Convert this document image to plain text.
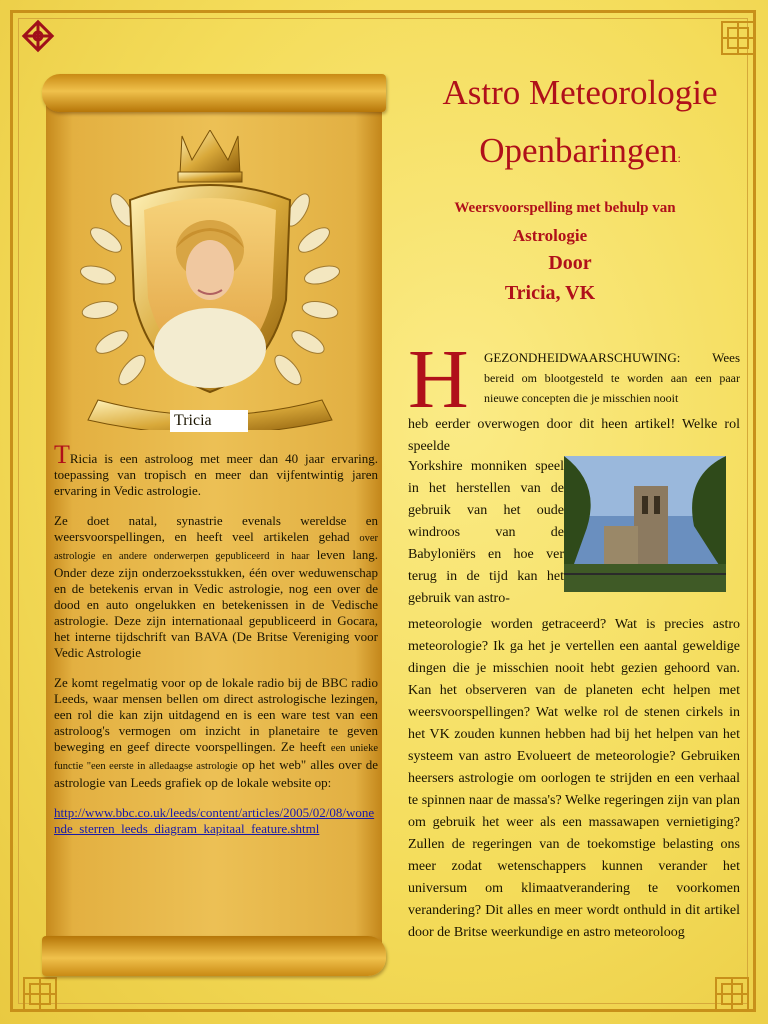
Tricia

TRicia is een astroloog met meer dan 40 jaar ervaring. toepassing van tropisch en meer dan vijfentwintig jaren ervaring in Vedic astrologie.

Ze doet natal, synastrie evenals wereldse en weersvoorspellingen, en heeft veel artikelen gehad over astrologie en andere onderwerpen gepubliceerd in haar leven lang. Onder deze zijn onderzoeksstukken, één over weduwenschap en de betekenis ervan in Vedic astrologie, nog een over de dood en auto ongelukken en betekenissen in de Vedische astrologie. Deze zijn internationaal gepubliceerd in Gocara, het interne tijdschrift van BAVA (De Britse Vereniging voor Vedic Astrologie

Ze komt regelmatig voor op de lokale radio bij de BBC radio Leeds, waar mensen bellen om direct astrologische lezingen, een rol die kan zijn uitdagend en is een ware test van een astroloog's vermogen om inzicht in planetaire te geven beweging en geef directe voorspellingen. Ze heeft een unieke functie "een eerste in alledaagse astrologie op het web" alles over de astrologie van Leeds grafiek op de lokale website op:

http://www.bbc.co.uk/leeds/content/articles/2005/02/08/wonende_sterren_leeds_diagram_kapitaal_feature.shtml

Astro Meteorologie
Openbaringen:
Weersvoorspelling met behulp van
Astrologie
Door
Tricia, VK
H GEZONDHEIDWAARSCHUWING: Wees bereid om blootgesteld te worden aan een paar nieuwe concepten die je misschien nooit
heb eerder overwogen door dit heen artikel! Welke rol speelde
Yorkshire monniken speel in het herstellen van de gebruik van het oude windroos van de Babyloniërs en hoe ver terug in de tijd kan het gebruik van astro-
meteorologie worden getraceerd? Wat is precies astro meteorologie? Ik ga het je vertellen een aantal geweldige dingen die je misschien nooit hebt gezien gehoord van. Kan het observeren van de planeten echt helpen met weersvoorspellingen? Wat welke rol de stenen cirkels in het VK zouden kunnen hebben had bij het helpen van het systeem van astro Evolueert de meteorologie? Gebruiken heersers astrologie om oorlogen te strijden en een verhaal te spinnen naar de massa's? Welke regeringen zijn van plan om gebruik het weer als een massawapen vernietiging? Zullen de regeringen van de toekomstige belasting ons meer zodat wetenschappers kunnen verander het universum om klimaatverandering te voorkomen verandering? Dit alles en meer wordt onthuld in dit artikel door de Britse weerkundige en astro meteoroloog
